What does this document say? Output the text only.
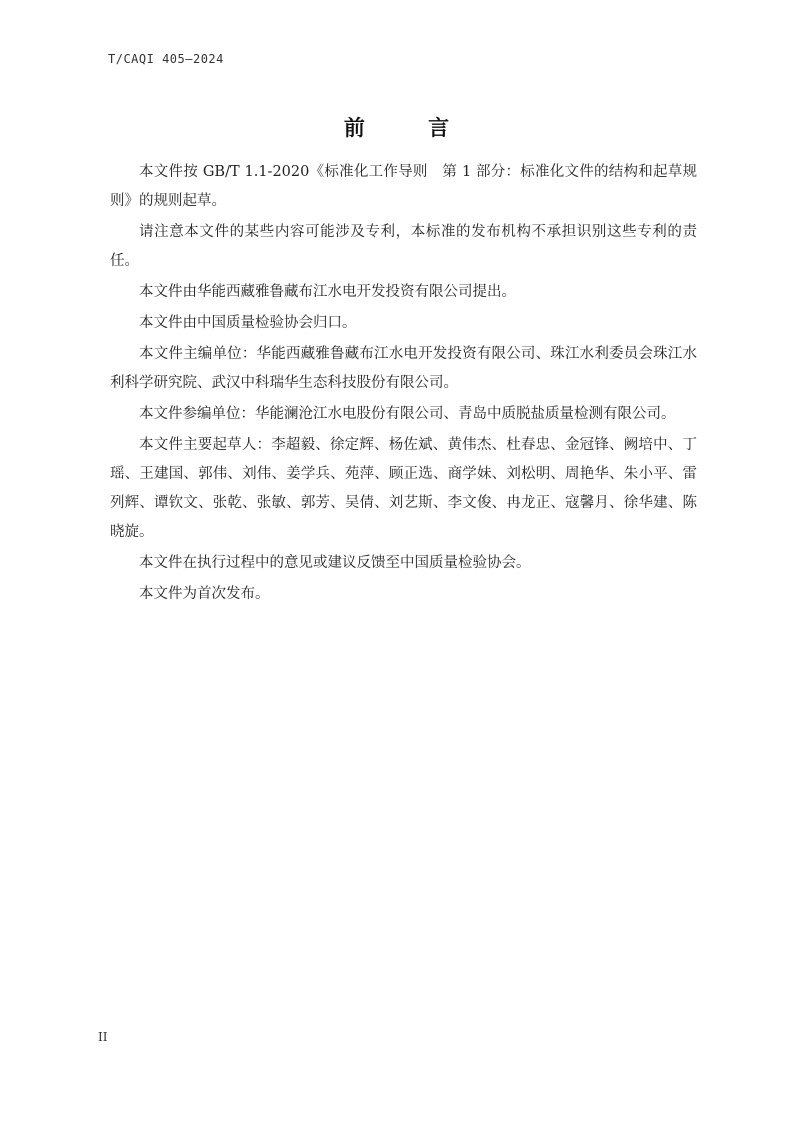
T/CAQI 405—2024
前 言

本文件按 GB/T 1.1-2020《标准化工作导则　第 1 部分：标准化文件的结构和起草规则》的规则起草。

请注意本文件的某些内容可能涉及专利，本标准的发布机构不承担识别这些专利的责任。

本文件由华能西藏雅鲁藏布江水电开发投资有限公司提出。

本文件由中国质量检验协会归口。

本文件主编单位：华能西藏雅鲁藏布江水电开发投资有限公司、珠江水利委员会珠江水利科学研究院、武汉中科瑞华生态科技股份有限公司。

本文件参编单位：华能澜沧江水电股份有限公司、青岛中质脱盐质量检测有限公司。

本文件主要起草人：李超毅、徐定辉、杨佐斌、黄伟杰、杜春忠、金冠锋、阙培中、丁瑶、王建国、郭伟、刘伟、姜学兵、苑萍、顾正选、商学妹、刘松明、周艳华、朱小平、雷列辉、谭钦文、张乾、张敏、郭芳、吴倩、刘艺斯、李文俊、冉龙正、寇馨月、徐华建、陈晓旋。

本文件在执行过程中的意见或建议反馈至中国质量检验协会。

本文件为首次发布。

II
